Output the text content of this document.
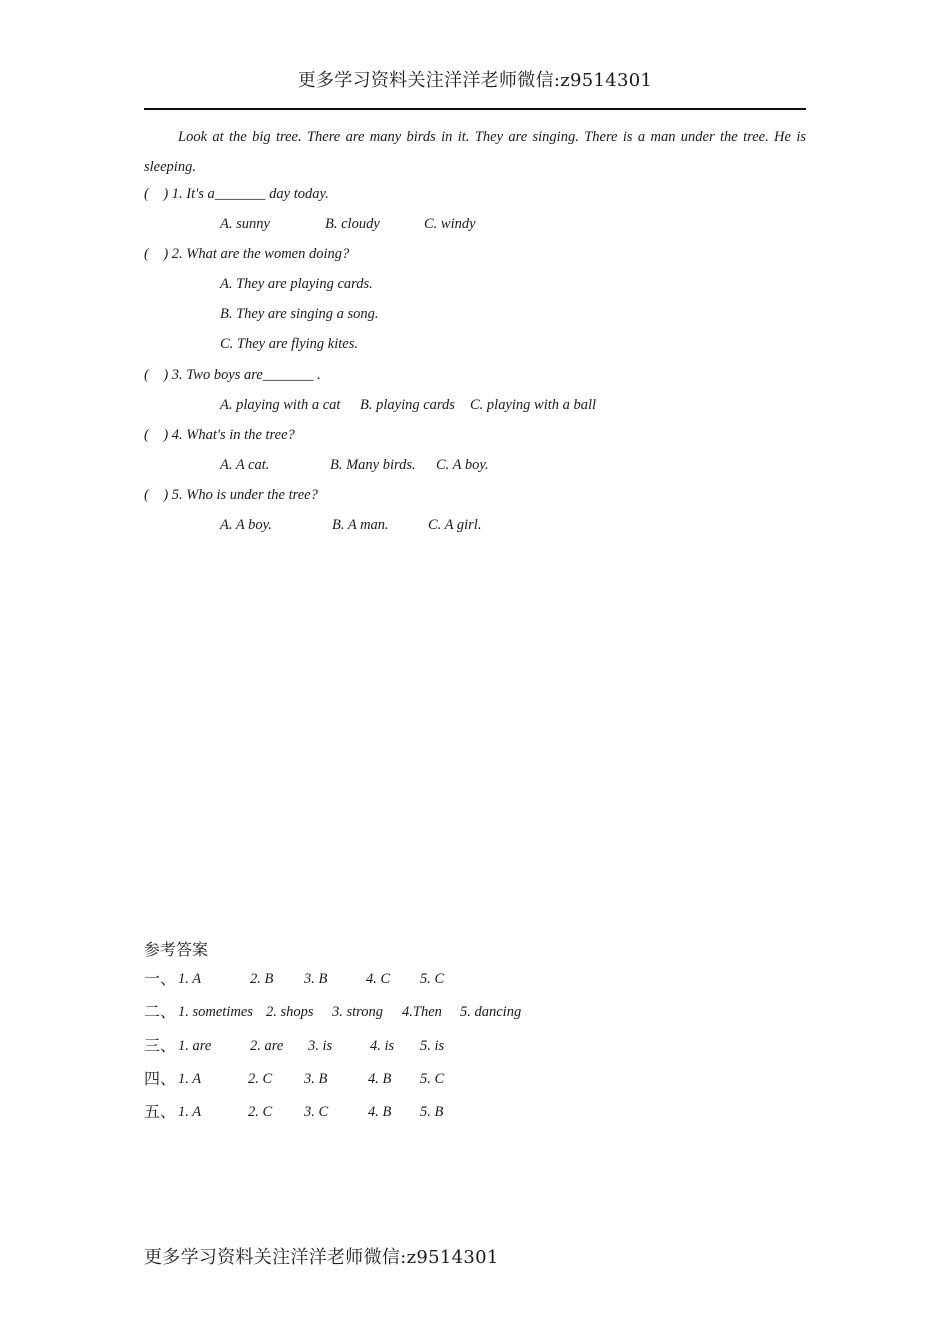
更多学习资料关注洋洋老师微信:z9514301
Look at the big tree. There are many birds in it. They are singing. There is a man under the tree. He is sleeping.
(    ) 1. It's a_______ day today.
A. sunny	B. cloudy	C. windy
(    ) 2. What are the women doing?
A. They are playing cards.
B. They are singing a song.
C. They are flying kites.
(    ) 3. Two boys are_______ .
A. playing with a cat B. playing cards C. playing with a ball
(    ) 4. What's in the tree?
A. A cat.	B. Many birds. C. A boy.
(    ) 5. Who is under the tree?
A. A boy.	B. A man.	C. A girl.
参考答案
一、 1. A	2. B 3. B	4. C 5. C
二、 1. sometimes 2. shops 3. strong 4.Then 5. dancing
三、 1. are	2. are 3. is	4. is 5. is
四、 1. A	2. C 3. B	4. B 5. C
五、 1. A	2. C 3. C	4. B 5. B
更多学习资料关注洋洋老师微信:z9514301
